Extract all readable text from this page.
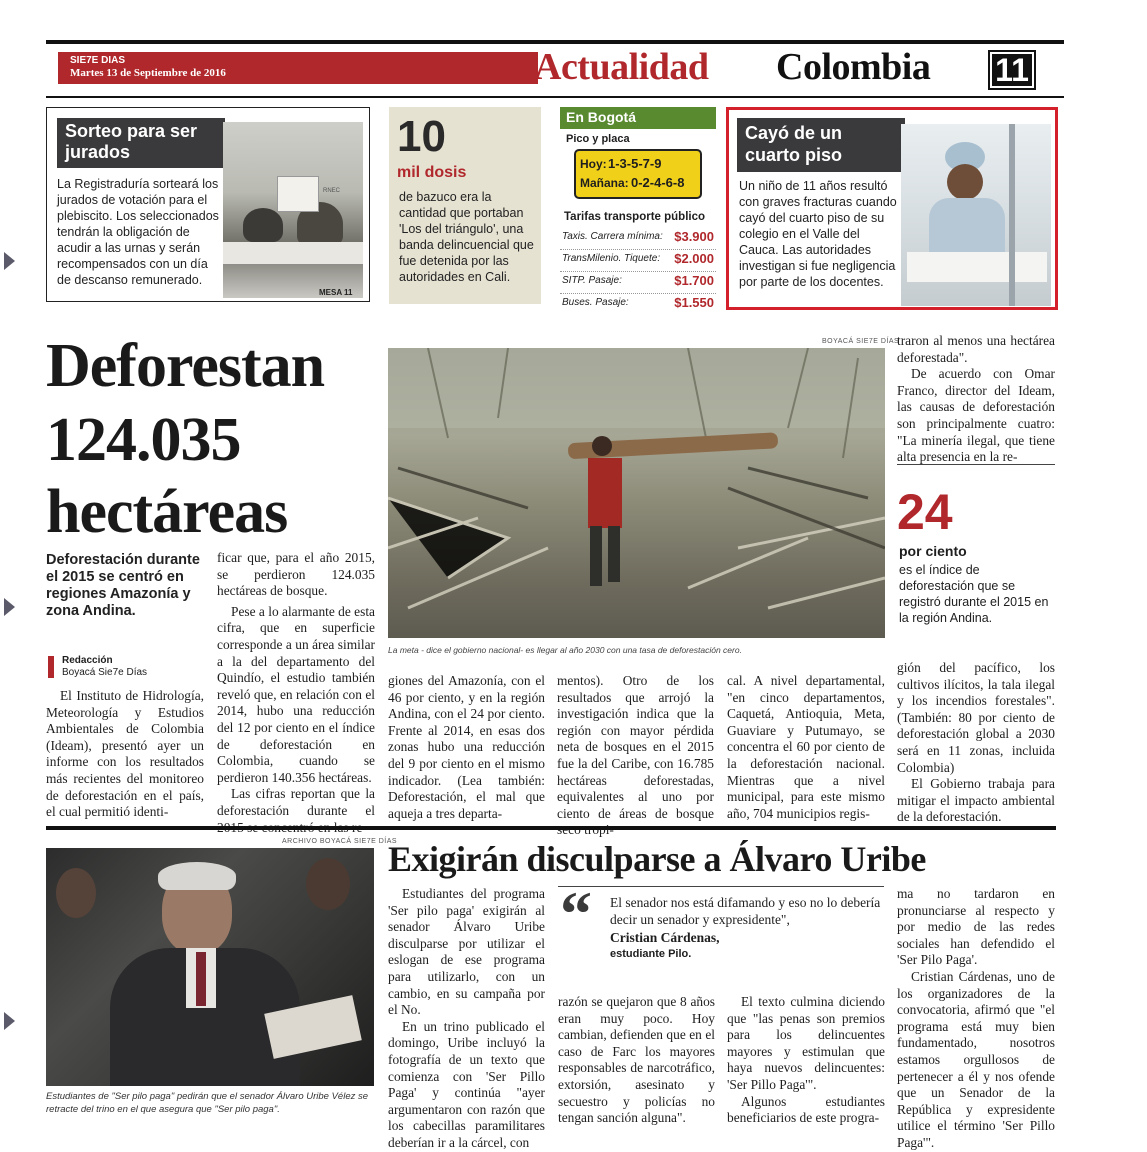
SIE7E DIAS
Martes 13 de Septiembre de 2016	Actualidad Colombia 11
Sorteo para ser jurados
MESA 11
RNEC
La Registraduría sorteará los jurados de votación para el plebiscito. Los seleccionados tendrán la obligación de acudir a las urnas y serán recompensados con un día de descanso remunerado.
10
mil dosis
de bazuco era la cantidad que portaban 'Los del triángulo', una banda delincuencial que fue detenida por las autoridades en Cali.
En Bogotá
Pico y placa
Hoy: 1-3-5-7-9
Mañana: 0-2-4-6-8
Tarifas transporte público
Taxis. Carrera mínima: $3.900
TransMilenio. Tiquete: $2.000
SITP. Pasaje:	$1.700
Buses. Pasaje:	$1.550
Cayó de un cuarto piso
Un niño de 11 años resultó con graves fracturas cuando cayó del cuarto piso de su colegio en el Valle del Cauca. Las autoridades investigan si fue negligencia por parte de los docentes.
Deforestan
124.035
hectáreas
Deforestación durante el 2015 se centró en regiones Amazonía y zona Andina.
Redacción
Boyacá Sie7e Días
BOYACÁ SIE7E DÍAS
La meta - dice el gobierno nacional- es llegar al año 2030 con una tasa de deforestación cero.

El Instituto de Hidrología, Meteorología y Estudios Ambientales de Colombia (Ideam), presentó ayer un informe con los resultados más recientes del monitoreo de deforestación en el país, el cual permitió identi-

ficar que, para el año 2015, se perdieron 124.035 hectáreas de bosque.

Pese a lo alarmante de esta cifra, que en superficie corresponde a un área similar a la del departamento del Quindío, el estudio también reveló que, en relación con el 2014, hubo una reducción del 12 por ciento en el índice de deforestación en Colombia, cuando se perdieron 140.356 hectáreas.

Las cifras reportan que la deforestación durante el

giones del Amazonía, con el 46 por ciento, y en la región Andina, con el 24 por ciento. Frente al 2014, en esas dos zonas hubo una reducción del 9 por ciento en el mismo indicador. (Lea también: Deforestación, el mal que aqueja a tres departa-

mentos). Otro de los resultados que arrojó la investigación indica que la región con mayor pérdida neta de bosques en el 2015 fue la del Caribe, con 16.785 hectáreas deforestadas, equivalentes al uno por ciento de áreas de bosque

cal. A nivel departamental, "en cinco departamentos, Caquetá, Antioquia, Meta, Guaviare y Putumayo, se concentra el 60 por ciento de la deforestación nacional. Mientras que a nivel municipal, para este mismo año, 704 municipios regis-

traron al menos una hectárea deforestada".

De acuerdo con Omar Franco, director del Ideam, las causas de deforestación son principalmente cuatro: "La minería ilegal, que tiene alta presencia en la re-

24
por ciento
es el índice de deforestación que se registró durante el 2015 en la región Andina.

gión del pacífico, los cultivos ilícitos, la tala ilegal y los incendios forestales". (También: 80 por ciento de deforestación global a 2030 será en 11 zonas, incluida Colombia)

El Gobierno trabaja para mitigar el impacto ambiental de la deforestación.

ARCHIVO BOYACÁ SIE7E DÍAS
Estudiantes de "Ser pilo paga" pedirán que el senador Álvaro Uribe Vélez se retracte del trino en el que asegura que "Ser pilo paga".
Exigirán disculparse a Álvaro Uribe

Estudiantes del programa 'Ser pilo paga' exigirán al senador Álvaro Uribe disculparse por utilizar el eslogan de ese programa para utilizarlo, con un cambio, en su campaña por el No.

En un trino publicado el domingo, Uribe incluyó la fotografía de un texto que comienza con 'Ser Pillo Paga' y continúa "ayer argumentaron con razón que los cabecillas paramilitares deberían ir a la cárcel, con

“ El senador nos está difamando y eso no lo debería decir un senador y expresidente",
Cristian Cárdenas,
estudiante Pilo.

razón se quejaron que 8 años eran muy poco. Hoy cambian, defienden que en el caso de Farc los mayores responsables de narcotráfico, extorsión, asesinato y secuestro y policías no tengan sanción alguna".

El texto culmina diciendo que "las penas son premios para los delincuentes mayores y estimulan que haya nuevos delincuentes: 'Ser Pillo Paga'".

Algunos estudiantes beneficiarios de este progra-

ma no tardaron en pronunciarse al respecto y por medio de las redes sociales han defendido el 'Ser Pilo Paga'.

Cristian Cárdenas, uno de los organizadores de la convocatoria, afirmó que "el programa está muy bien fundamentado, nosotros estamos orgullosos de pertenecer a él y nos ofende que un Senador de la República y expresidente utilice el término 'Ser Pillo Paga'".
